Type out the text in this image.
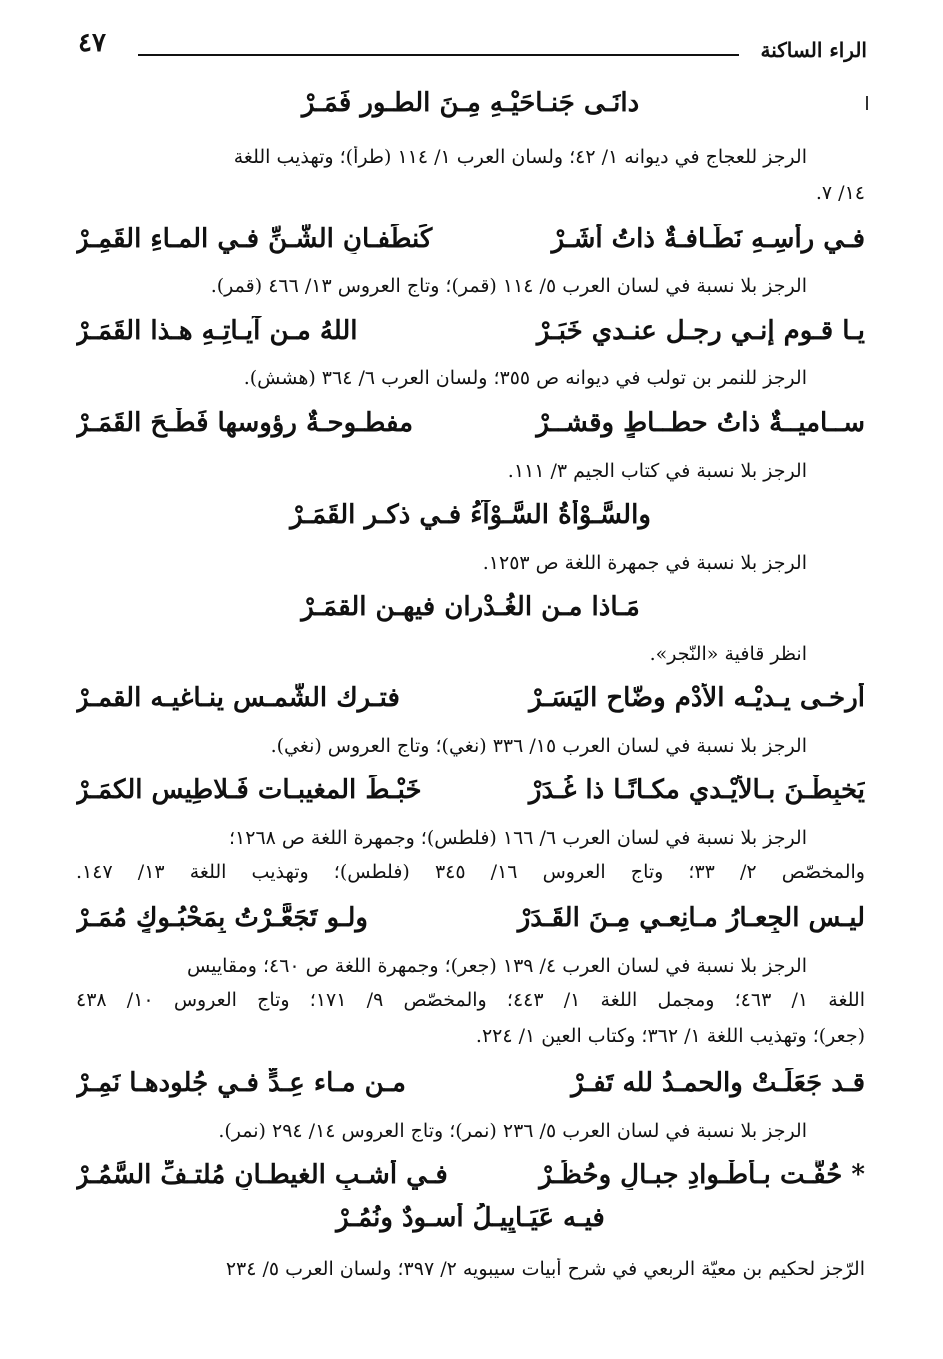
الراء الساكنة
٤٧
دانَـى جَنـاحَيْـهِ مِـنَ الطـور فَمَـرْ
الرجز للعجاج في ديوانه ١/ ٤٢؛ ولسان العرب ١/ ١١٤ (طرأ)؛ وتهذيب اللغة
١٤/ ٧.
فـي رأسِـهِ نَطّـافـةٌ ذاتُ أُشَـرْ
كَنطَفـانِ الشَّـنِّ فـي المـاءِ القَمِـرْ
الرجز بلا نسبة في لسان العرب ٥/ ١١٤ (قمر)؛ وتاج العروس ١٣/ ٤٦٦ (قمر).
يـا قـوم إنـي رجـل عنـدي خَبَـرْ
اللهُ مـن آيـاتِـهِ هـذا القَمَـرْ
الرجز للنمر بن تولب في ديوانه ص ٣٥٥؛ ولسان العرب ٦/ ٣٦٤ (هشش).
ســاميــةٌ ذاتُ حطــاطٍ وقشــرْ
مفطـوحـةٌ رؤوسها فَطْـحَ القَمَـرْ
الرجز بلا نسبة في كتاب الجيم ٣/ ١١١.
والسَّـوْأةُ السَّـوْآءُ فـي ذكـر القَمَـرْ
الرجز بلا نسبة في جمهرة اللغة ص ١٢٥٣.
مَـاذا مـن الغُـدْران فيهـن القمَـرْ
انظر قافية «النّجر».
أرخـى يـديْـه الأُدْم وضّاح اليَسَـرْ
فتـرك الشَّمـس ينـاغيـه القمـرْ
الرجز بلا نسبة في لسان العرب ١٥/ ٣٣٦ (نغي)؛ وتاج العروس (نغي).
يَخبِطْـنَ بـالأيْـدي مكـانًـا ذا غُـدَرْ
خَبْـطَ المغيبـات فَـلاطِيس الكمَـرْ
الرجز بلا نسبة في لسان العرب ٦/ ١٦٦ (فلطس)؛ وجمهرة اللغة ص ١٢٦٨؛
والمخصّص ٢/ ٣٣؛ وتاج العروس ١٦/ ٣٤٥ (فلطس)؛ وتهذيب اللغة ١٣/ ١٤٧.
ليـس الجِعـارُ مـانِعـي مِـنَ القَـدَرْ
ولـو تَجَعَّـرْتُ بِمَحْبُـوكٍ مُمَـرْ
الرجز بلا نسبة في لسان العرب ٤/ ١٣٩ (جعر)؛ وجمهرة اللغة ص ٤٦٠؛ ومقاييس
اللغة ١/ ٤٦٣؛ ومجمل اللغة ١/ ٤٤٣؛ والمخصّص ٩/ ١٧١؛ وتاج العروس ١٠/ ٤٣٨
(جعر)؛ وتهذيب اللغة ١/ ٣٦٢؛ وكتاب العين ١/ ٢٢٤.
قـد جَعَلَـتْ والحمـدُ لله تَفـرْ
مـن مـاء عِـدٍّ فـي جُلودهـا نَمِـرْ
الرجز بلا نسبة في لسان العرب ٥/ ٢٣٦ (نمر)؛ وتاج العروس ١٤/ ٢٩٤ (نمر).
* حُفَّـت بـأطْـوادِ جبـالٍ وحُظُـرْ
فـي أشـبِ الغيطـانِ مُلتـفِّ السَّمُـرْ
فيـه عَيَـايِيـلُ أسـودٌ ونُمُـرْ
الرّجز لحكيم بن معيّة الربعي في شرح أبيات سيبويه ٢/ ٣٩٧؛ ولسان العرب ٥/ ٢٣٤
